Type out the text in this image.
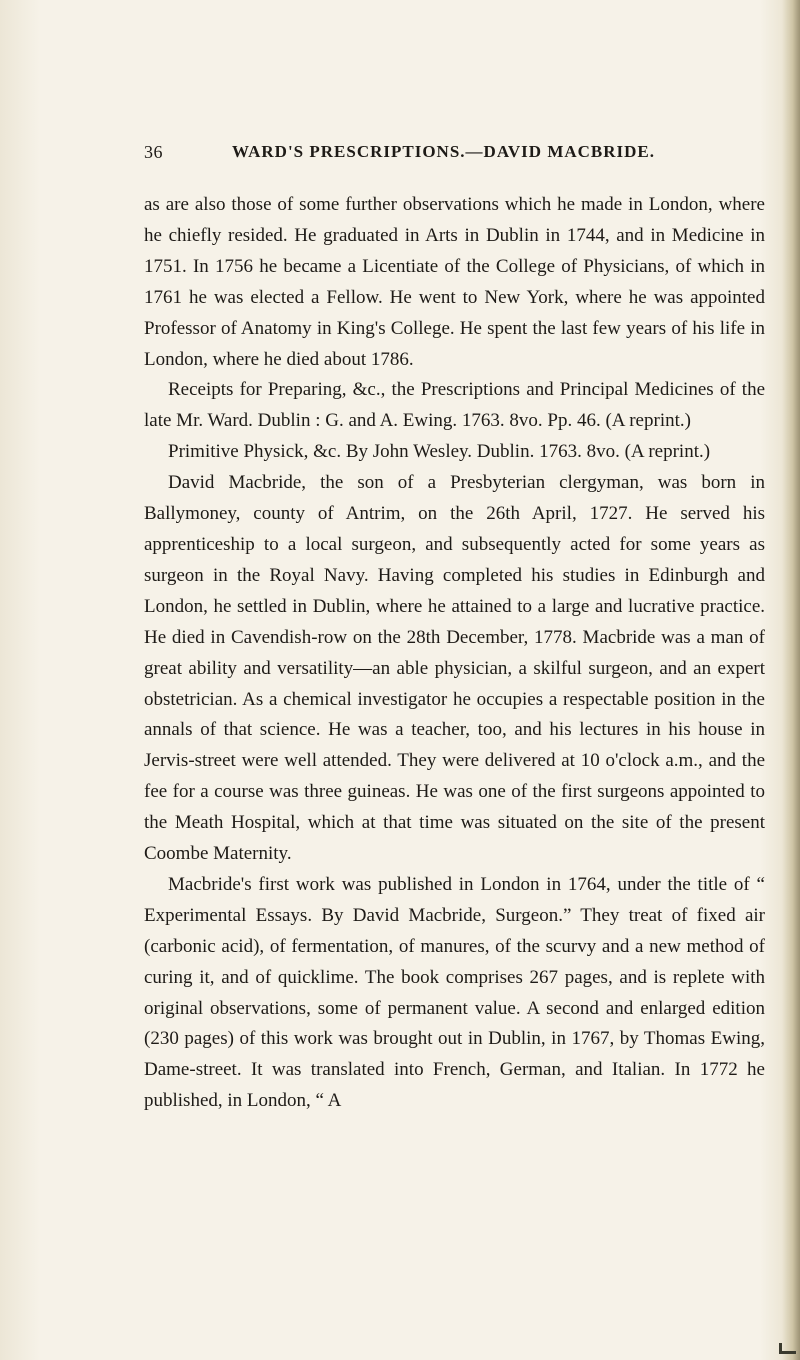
36	WARD'S PRESCRIPTIONS.—DAVID MACBRIDE.

as are also those of some further observations which he made in London, where he chiefly resided. He graduated in Arts in Dublin in 1744, and in Medicine in 1751. In 1756 he became a Licentiate of the College of Physicians, of which in 1761 he was elected a Fellow. He went to New York, where he was appointed Professor of Anatomy in King's College. He spent the last few years of his life in London, where he died about 1786.

Receipts for Preparing, &c., the Prescriptions and Principal Medicines of the late Mr. Ward. Dublin : G. and A. Ewing. 1763. 8vo. Pp. 46. (A reprint.)

Primitive Physick, &c. By John Wesley. Dublin. 1763. 8vo. (A reprint.)

David Macbride, the son of a Presbyterian clergyman, was born in Ballymoney, county of Antrim, on the 26th April, 1727. He served his apprenticeship to a local surgeon, and subsequently acted for some years as surgeon in the Royal Navy. Having completed his studies in Edinburgh and London, he settled in Dublin, where he attained to a large and lucrative practice. He died in Cavendish-row on the 28th December, 1778. Macbride was a man of great ability and versatility—an able physician, a skilful surgeon, and an expert obstetrician. As a chemical investigator he occupies a respectable position in the annals of that science. He was a teacher, too, and his lectures in his house in Jervis-street were well attended. They were delivered at 10 o'clock a.m., and the fee for a course was three guineas. He was one of the first surgeons appointed to the Meath Hospital, which at that time was situated on the site of the present Coombe Maternity.

Macbride's first work was published in London in 1764, under the title of “ Experimental Essays. By David Macbride, Surgeon.” They treat of fixed air (carbonic acid), of fermentation, of manures, of the scurvy and a new method of curing it, and of quicklime. The book comprises 267 pages, and is replete with original observations, some of permanent value. A second and enlarged edition (230 pages) of this work was brought out in Dublin, in 1767, by Thomas Ewing, Dame-street. It was translated into French, German, and Italian. In 1772 he published, in London, “ A
